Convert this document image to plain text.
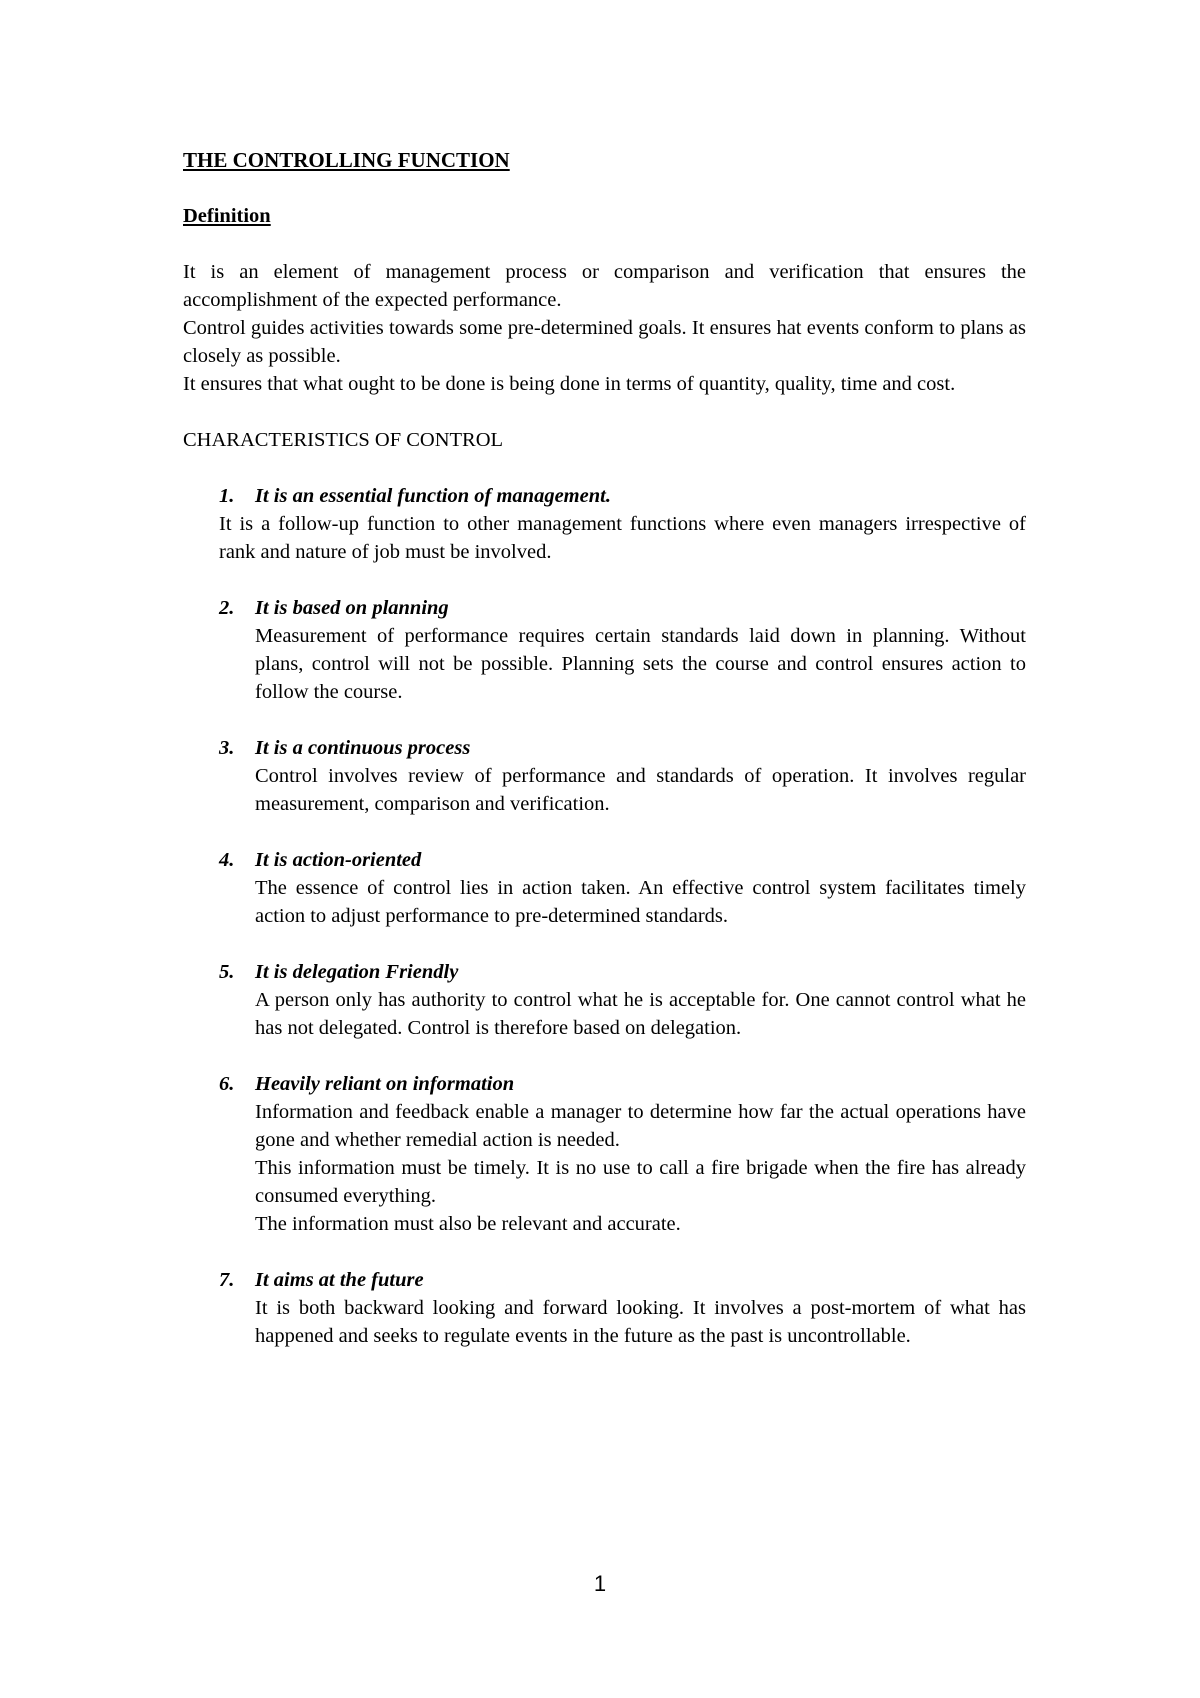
THE CONTROLLING FUNCTION
Definition

It is an element of management process or comparison and verification that ensures the accomplishment of the expected performance.

Control guides activities towards some pre-determined goals. It ensures hat events conform to plans as closely as possible.

It ensures that what ought to be done is being done in terms of quantity, quality, time and cost.

CHARACTERISTICS OF CONTROL
1. It is an essential function of management.

It is a follow-up function to other management functions where even managers irrespective of rank and nature of job must be involved.

2. It is based on planning

Measurement of performance requires certain standards laid down in planning. Without plans, control will not be possible. Planning sets the course and control ensures action to follow the course.

3. It is a continuous process

Control involves review of performance and standards of operation. It involves regular measurement, comparison and verification.

4. It is action-oriented

The essence of control lies in action taken. An effective control system facilitates timely action to adjust performance to pre-determined standards.

5. It is delegation Friendly

A person only has authority to control what he is acceptable for. One cannot control what he has not delegated. Control is therefore based on delegation.

6. Heavily reliant on information

Information and feedback enable a manager to determine how far the actual operations have gone and whether remedial action is needed.

This information must be timely. It is no use to call a fire brigade when the fire has already consumed everything.

The information must also be relevant and accurate.

7. It aims at the future

It is both backward looking and forward looking. It involves a post-mortem of what has happened and seeks to regulate events in the future as the past is uncontrollable.

1
